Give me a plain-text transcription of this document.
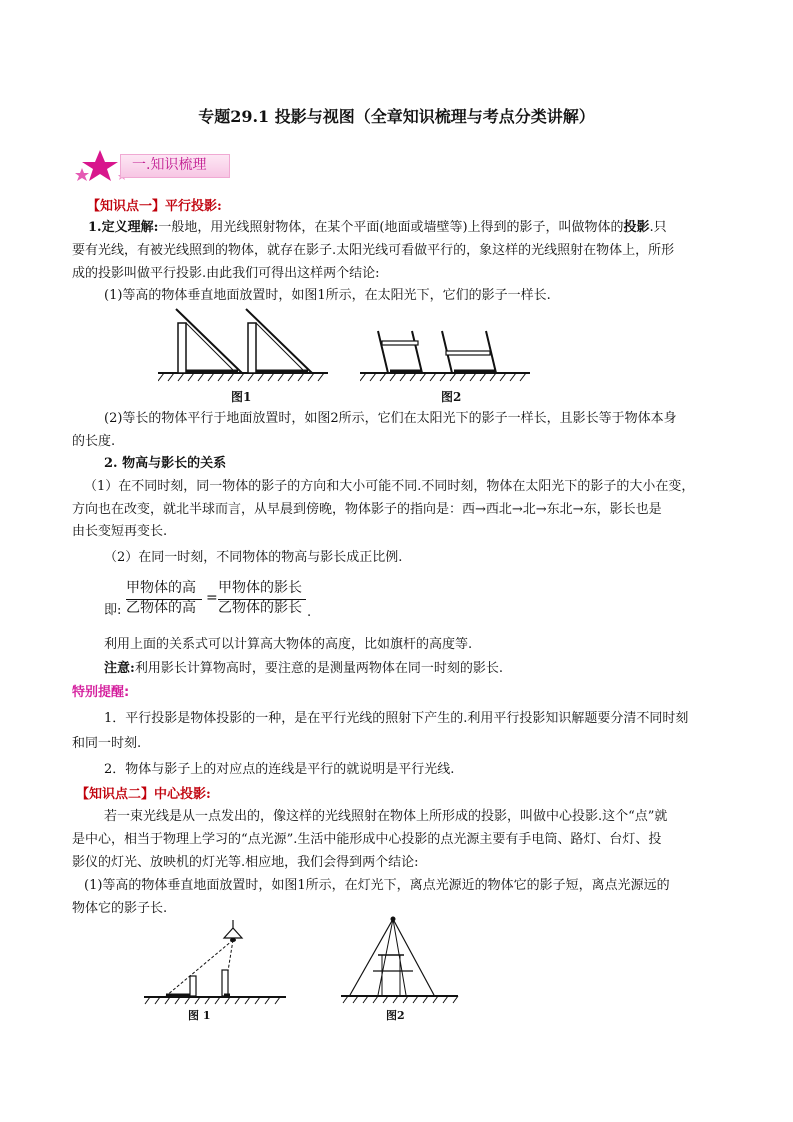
专题29.1 投影与视图（全章知识梳理与考点分类讲解）
一.知识梳理
【知识点一】平行投影:
1.定义理解:一般地，用光线照射物体，在某个平面(地面或墙壁等)上得到的影子，叫做物体的投影.只
要有光线，有被光线照到的物体，就存在影子.太阳光线可看做平行的，象这样的光线照射在物体上，所形
成的投影叫做平行投影.由此我们可得出这样两个结论:
(1)等高的物体垂直地面放置时，如图1所示，在太阳光下，它们的影子一样长.
图1	图2
(2)等长的物体平行于地面放置时，如图2所示，它们在太阳光下的影子一样长，且影长等于物体本身
的长度.
2. 物高与影长的关系
（1）在不同时刻，同一物体的影子的方向和大小可能不同.不同时刻，物体在太阳光下的影子的大小在变，
方向也在改变，就北半球而言，从早晨到傍晚，物体影子的指向是：西→西北→北→东北→东，影长也是
由长变短再变长.
（2）在同一时刻，不同物体的物高与影长成正比例.
即:
甲物体的高
乙物体的高
=
甲物体的影长
乙物体的影长 .
利用上面的关系式可以计算高大物体的高度，比如旗杆的高度等.
注意:利用影长计算物高时，要注意的是测量两物体在同一时刻的影长.
特别提醒:
1．平行投影是物体投影的一种，是在平行光线的照射下产生的.利用平行投影知识解题要分清不同时刻
和同一时刻.
2．物体与影子上的对应点的连线是平行的就说明是平行光线.
【知识点二】中心投影:
若一束光线是从一点发出的，像这样的光线照射在物体上所形成的投影，叫做中心投影.这个“点”就
是中心，相当于物理上学习的“点光源”.生活中能形成中心投影的点光源主要有手电筒、路灯、台灯、投
影仪的灯光、放映机的灯光等.相应地，我们会得到两个结论:
(1)等高的物体垂直地面放置时，如图1所示，在灯光下，离点光源近的物体它的影子短，离点光源远的
物体它的影子长.
图 1	图2
